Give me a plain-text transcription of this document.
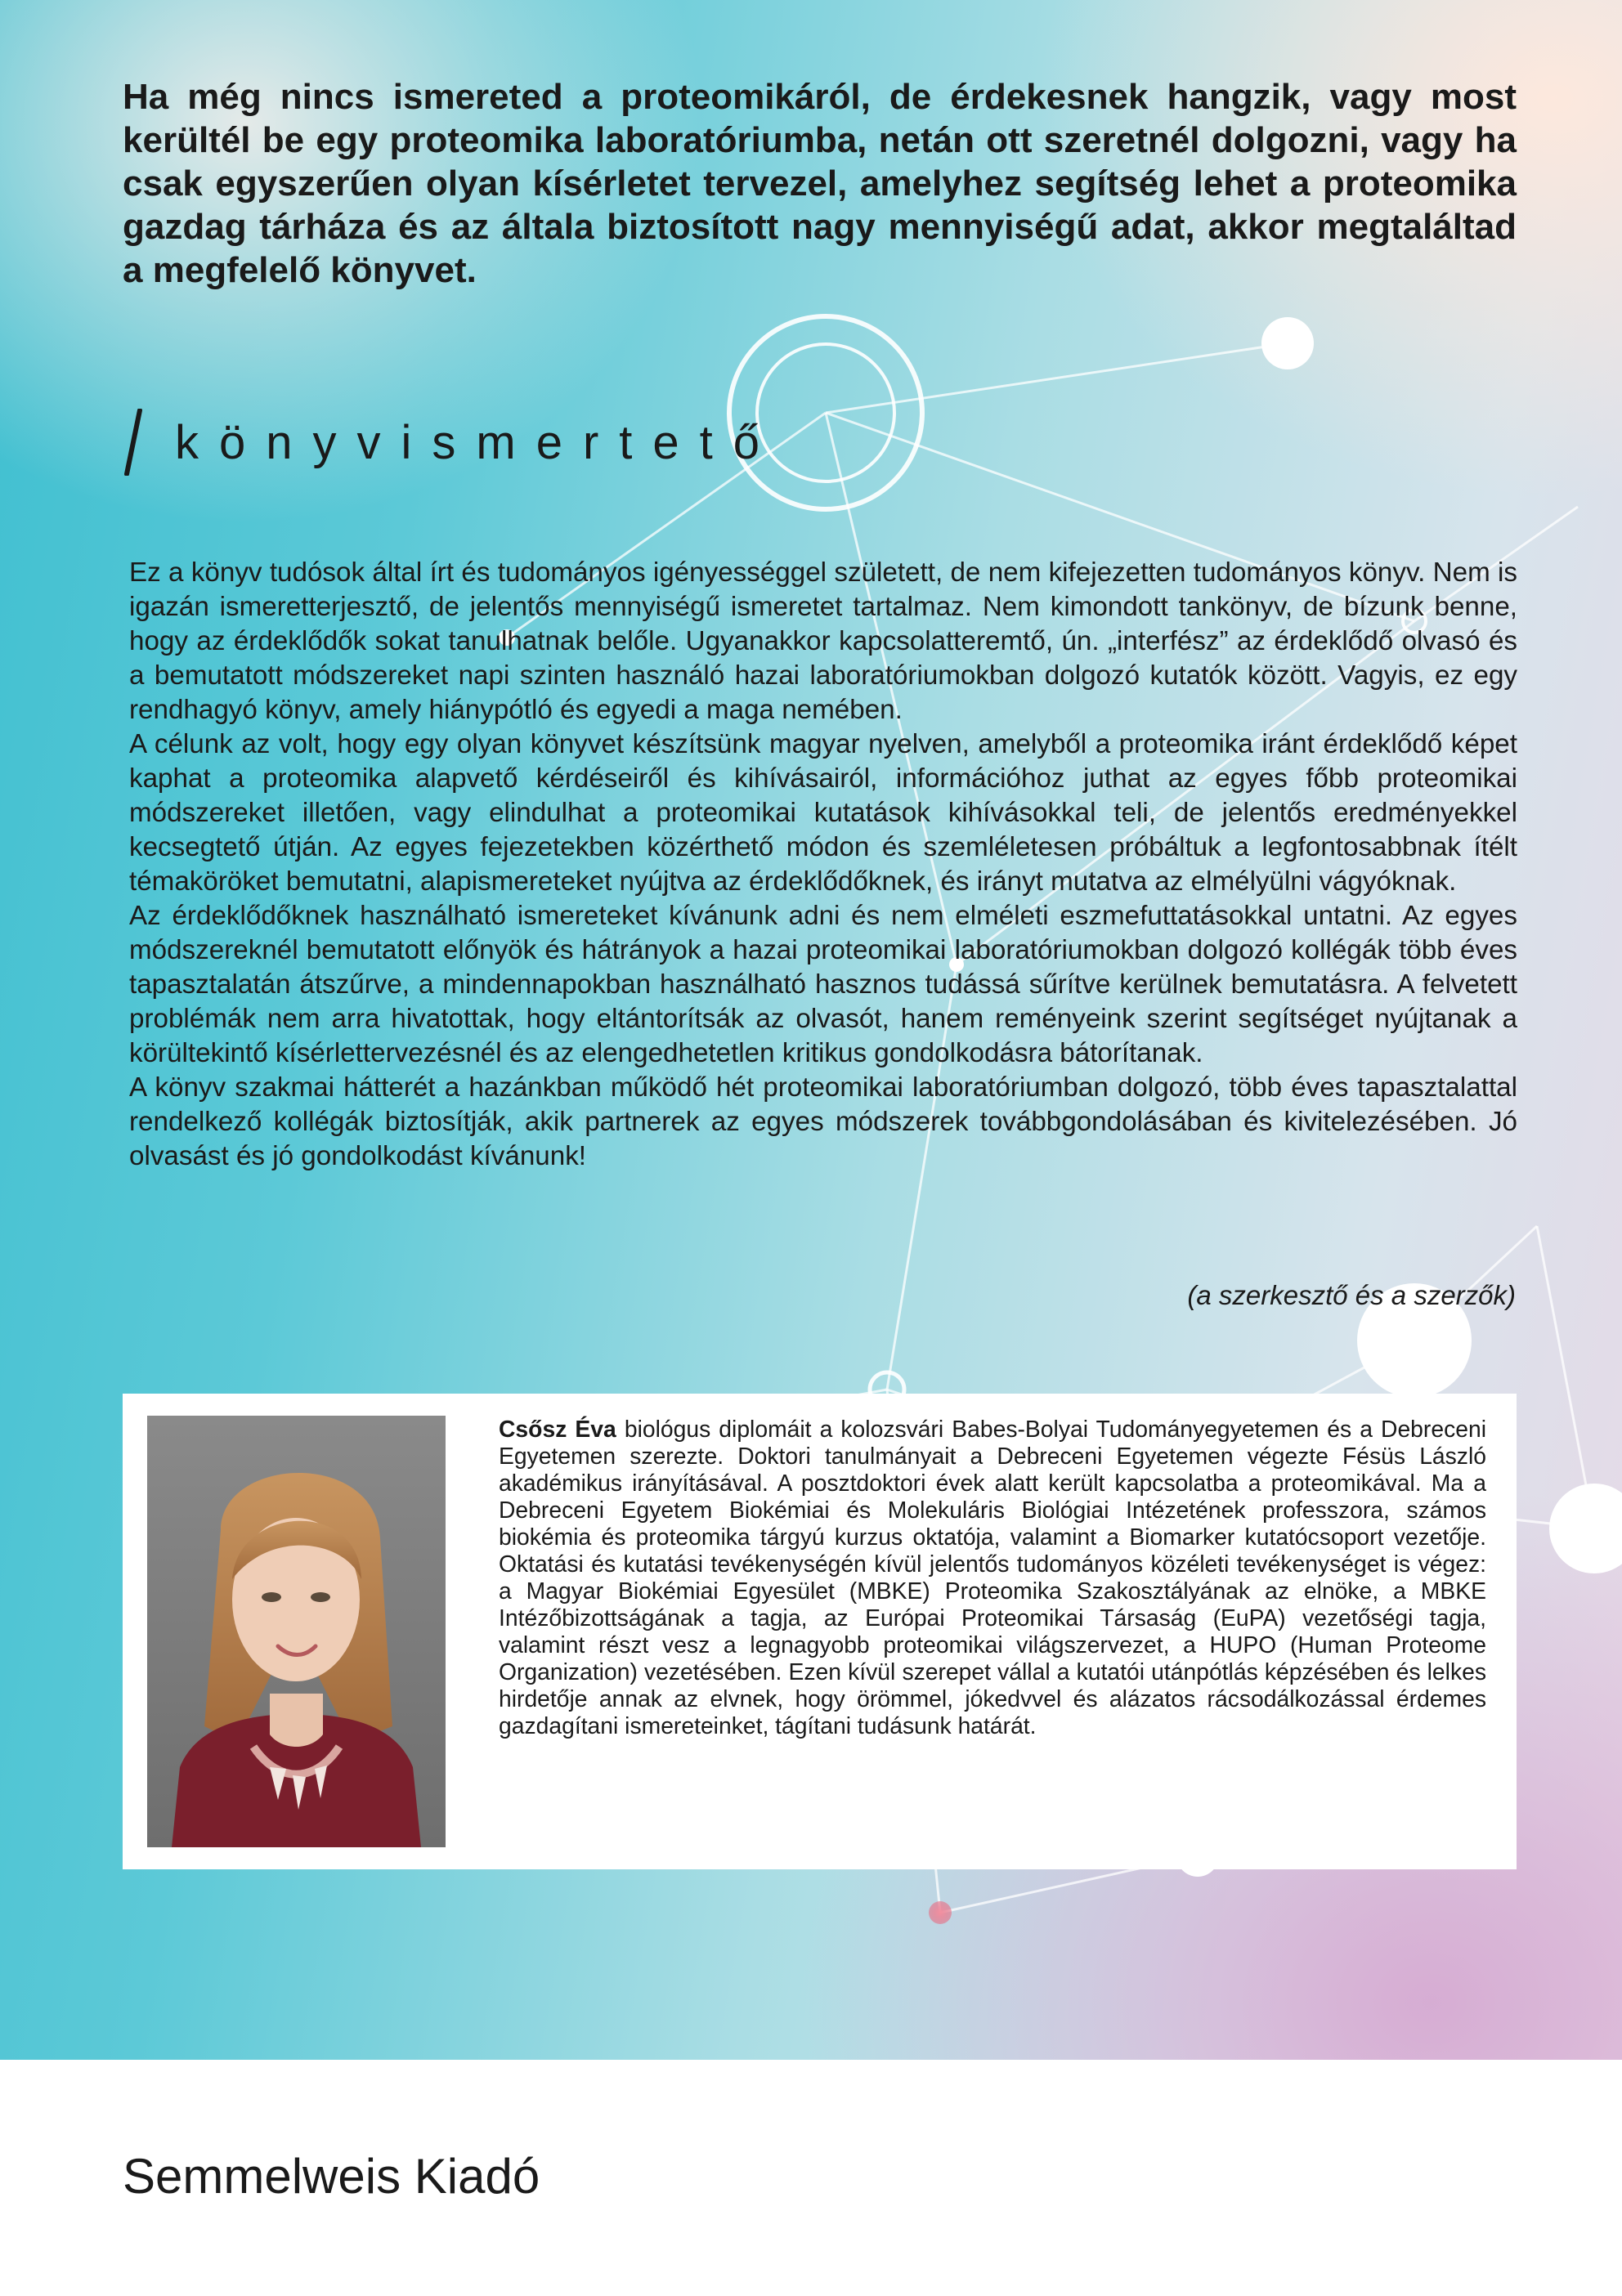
Ha még nincs ismereted a proteomikáról, de érdekesnek hangzik, vagy most kerültél be egy proteomika laboratóriumba, netán ott szeretnél dolgozni, vagy ha csak egyszerűen olyan kísérletet tervezel, amelyhez segítség lehet a proteomika gazdag tárháza és az általa biztosított nagy mennyiségű adat, akkor megtaláltad a megfelelő könyvet.

könyvismertető

Ez a könyv tudósok által írt és tudományos igényességgel született, de nem kifejezetten tudományos könyv. Nem is igazán ismeretterjesztő, de jelentős mennyiségű ismeretet tartalmaz. Nem kimondott tankönyv, de bízunk benne, hogy az érdeklődők sokat tanulhatnak belőle. Ugyanakkor kapcsolatteremtő, ún. „interfész” az érdeklődő olvasó és a bemutatott módszereket napi szinten használó hazai laboratóriumokban dolgozó kutatók között. Vagyis, ez egy rendhagyó könyv, amely hiánypótló és egyedi a maga nemében.

A célunk az volt, hogy egy olyan könyvet készítsünk magyar nyelven, amelyből a proteomika iránt érdeklődő képet kaphat a proteomika alapvető kérdéseiről és kihívásairól, információhoz juthat az egyes főbb proteomikai módszereket illetően, vagy elindulhat a proteomikai kutatások kihívásokkal teli, de jelentős eredményekkel kecsegtető útján. Az egyes fejezetekben közérthető módon és szemléletesen próbáltuk a legfontosabbnak ítélt témaköröket bemutatni, alapismereteket nyújtva az érdeklődőknek, és irányt mutatva az elmélyülni vágyóknak.

Az érdeklődőknek használható ismereteket kívánunk adni és nem elméleti eszmefuttatásokkal untatni. Az egyes módszereknél bemutatott előnyök és hátrányok a hazai proteomikai laboratóriumokban dolgozó kollégák több éves tapasztalatán átszűrve, a mindennapokban használható hasznos tudássá sűrítve kerülnek bemutatásra. A felvetett problémák nem arra hivatottak, hogy eltántorítsák az olvasót, hanem reményeink szerint segítséget nyújtanak a körültekintő kísérlettervezésnél és az elengedhetetlen kritikus gondolkodásra bátorítanak.

A könyv szakmai hátterét a hazánkban működő hét proteomikai laboratóriumban dolgozó, több éves tapasztalattal rendelkező kollégák biztosítják, akik partnerek az egyes módszerek továbbgondolásában és kivitelezésében. Jó olvasást és jó gondolkodást kívánunk!

(a szerkesztő és a szerzők)

Csősz Éva biológus diplomáit a kolozsvári Babes-Bolyai Tudományegyetemen és a Debreceni Egyetemen szerezte. Doktori tanulmányait a Debreceni Egyetemen végezte Fésüs László akadémikus irányításával. A posztdoktori évek alatt került kapcsolatba a proteomikával. Ma a Debreceni Egyetem Biokémiai és Molekuláris Biológiai Intézetének professzora, számos biokémia és proteomika tárgyú kurzus oktatója, valamint a Biomarker kutatócsoport vezetője. Oktatási és kutatási tevékenységén kívül jelentős tudományos közéleti tevékenységet is végez: a Magyar Biokémiai Egyesület (MBKE) Proteomika Szakosztályának az elnöke, a MBKE Intézőbizottságának a tagja, az Európai Proteomikai Társaság (EuPA) vezetőségi tagja, valamint részt vesz a legnagyobb proteomikai világszervezet, a HUPO (Human Proteome Organization) vezetésében. Ezen kívül szerepet vállal a kutatói utánpótlás képzésében és lelkes hirdetője annak az elvnek, hogy örömmel, jókedvvel és alázatos rácsodálkozással érdemes gazdagítani ismereteinket, tágítani tudásunk határát.

Semmelweis Kiadó
